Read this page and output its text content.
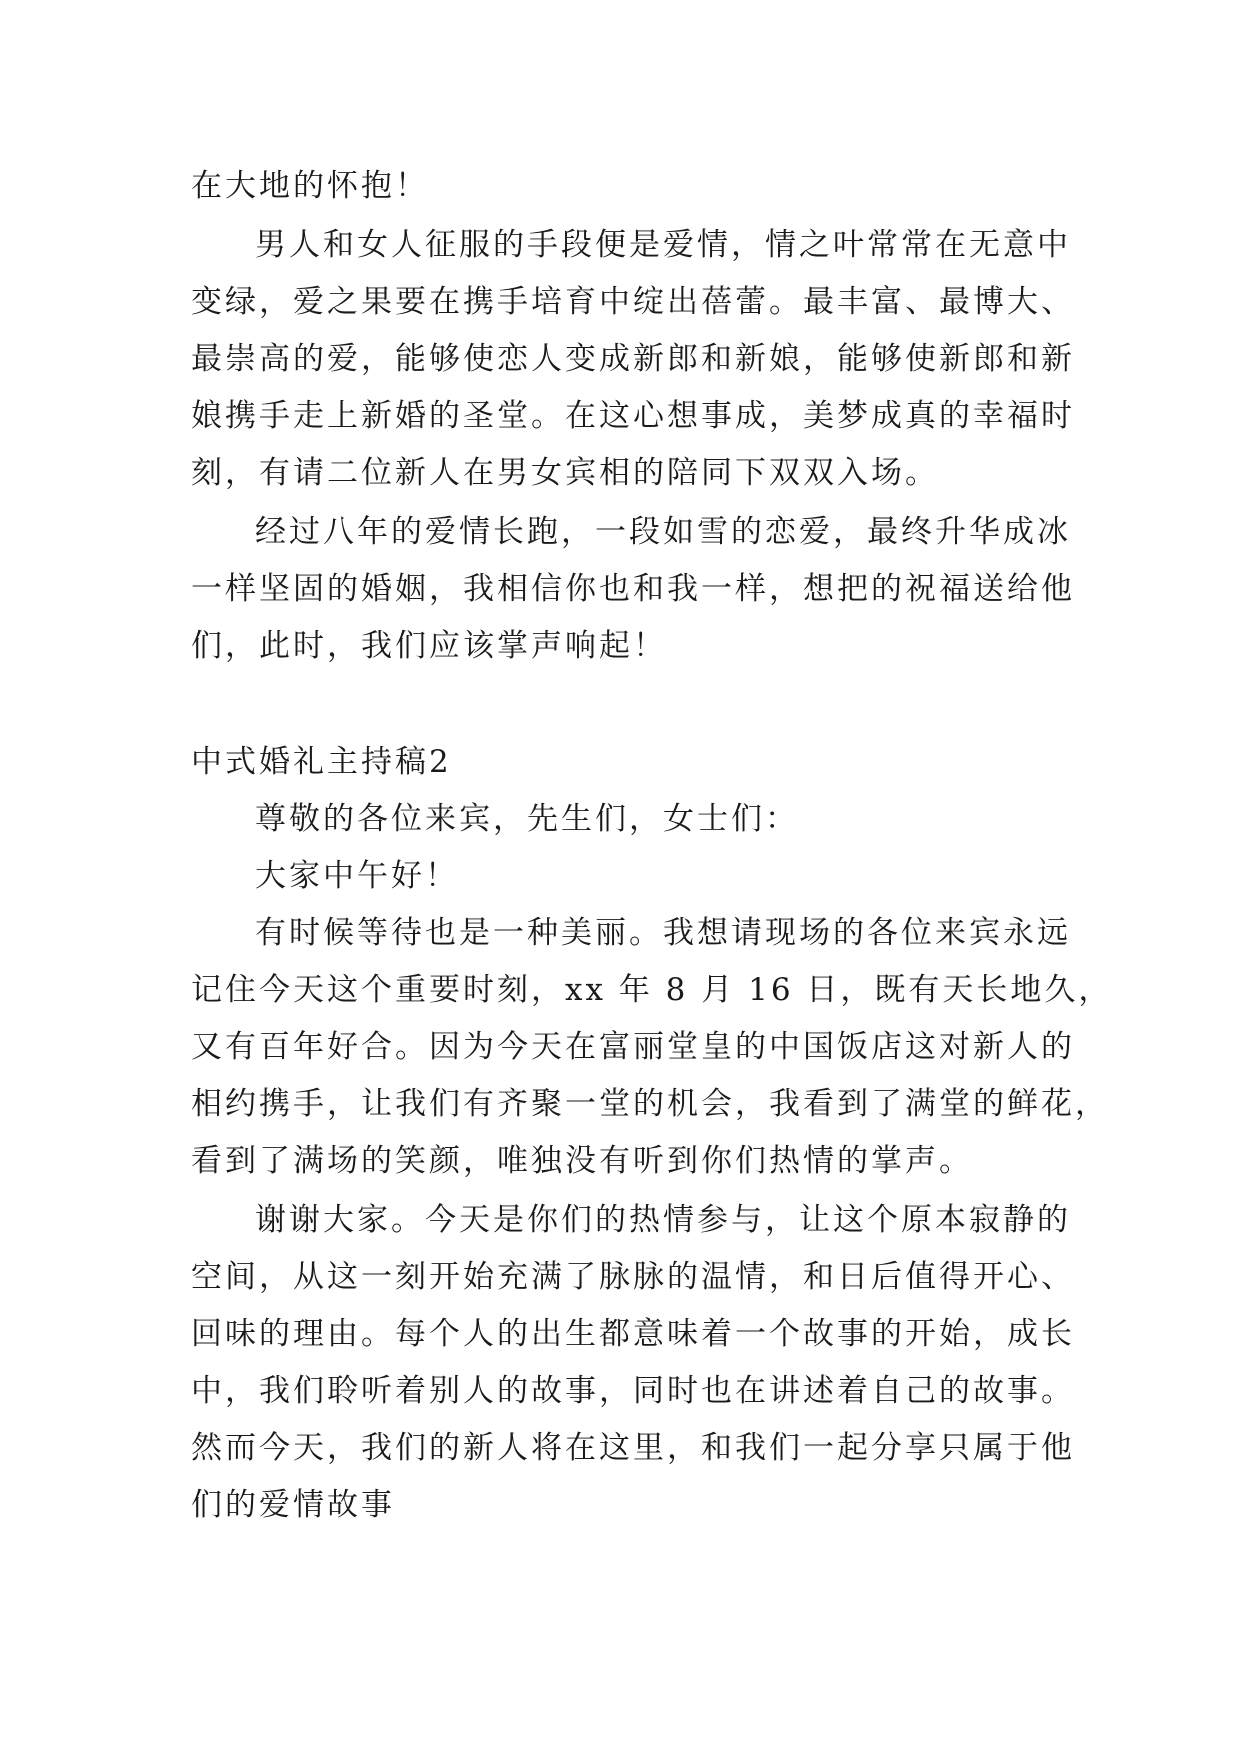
在大地的怀抱！

男人和女人征服的手段便是爱情，情之叶常常在无意中

变绿，爱之果要在携手培育中绽出蓓蕾。最丰富、最博大、

最崇高的爱，能够使恋人变成新郎和新娘，能够使新郎和新

娘携手走上新婚的圣堂。在这心想事成，美梦成真的幸福时

刻，有请二位新人在男女宾相的陪同下双双入场。

经过八年的爱情长跑，一段如雪的恋爱，最终升华成冰

一样坚固的婚姻，我相信你也和我一样，想把的祝福送给他

们，此时，我们应该掌声响起！

中式婚礼主持稿2

尊敬的各位来宾，先生们，女士们：

大家中午好！

有时候等待也是一种美丽。我想请现场的各位来宾永远

记住今天这个重要时刻，xx 年 8 月 16 日，既有天长地久，

又有百年好合。因为今天在富丽堂皇的中国饭店这对新人的

相约携手，让我们有齐聚一堂的机会，我看到了满堂的鲜花，

看到了满场的笑颜，唯独没有听到你们热情的掌声。

谢谢大家。今天是你们的热情参与，让这个原本寂静的

空间，从这一刻开始充满了脉脉的温情，和日后值得开心、

回味的理由。每个人的出生都意味着一个故事的开始，成长

中，我们聆听着别人的故事，同时也在讲述着自己的故事。

然而今天，我们的新人将在这里，和我们一起分享只属于他

们的爱情故事
